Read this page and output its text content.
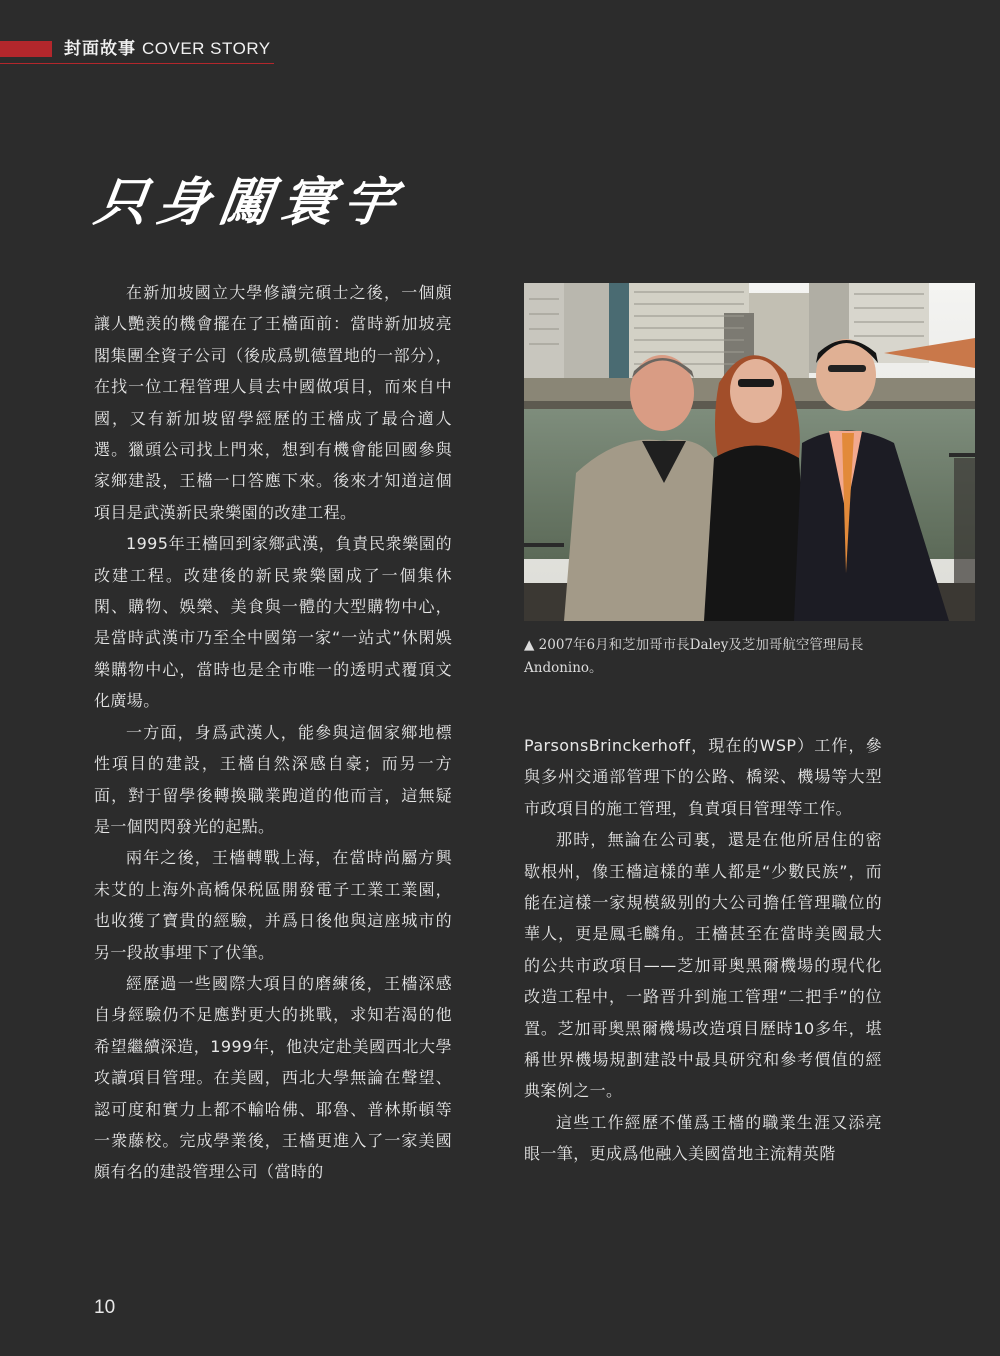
封面故事 COVER STORY
只身闖寰宇

在新加坡國立大學修讀完碩士之後，一個頗讓人艷羡的機會擺在了王檣面前：當時新加坡亮閣集團全資子公司（後成爲凱德置地的一部分），在找一位工程管理人員去中國做項目，而來自中國，又有新加坡留學經歷的王檣成了最合適人選。獵頭公司找上門來，想到有機會能回國參與家鄉建設，王檣一口答應下來。後來才知道這個項目是武漢新民衆樂園的改建工程。

1995年王檣回到家鄉武漢，負責民衆樂園的改建工程。改建後的新民衆樂園成了一個集休閑、購物、娛樂、美食與一體的大型購物中心，是當時武漢市乃至全中國第一家“一站式”休閑娛樂購物中心，當時也是全市唯一的透明式覆頂文化廣場。

一方面，身爲武漢人，能參與這個家鄉地標性項目的建設，王檣自然深感自豪；而另一方面，對于留學後轉換職業跑道的他而言，這無疑是一個閃閃發光的起點。

兩年之後，王檣轉戰上海，在當時尚屬方興未艾的上海外高橋保税區開發電子工業工業園，也收獲了寶貴的經驗，并爲日後他與這座城市的另一段故事埋下了伏筆。

經歷過一些國際大項目的磨練後，王檣深感自身經驗仍不足應對更大的挑戰，求知若渴的他希望繼續深造，1999年，他决定赴美國西北大學攻讀項目管理。在美國，西北大學無論在聲望、認可度和實力上都不輸哈佛、耶魯、普林斯頓等一衆藤校。完成學業後，王檣更進入了一家美國頗有名的建設管理公司（當時的

▲ 2007年6月和芝加哥市長Daley及芝加哥航空管理局長Andonino。

ParsonsBrinckerhoff，現在的WSP）工作，參與多州交通部管理下的公路、橋梁、機場等大型市政項目的施工管理，負責項目管理等工作。

那時，無論在公司裏，還是在他所居住的密歇根州，像王檣這樣的華人都是“少數民族”，而能在這樣一家規模級别的大公司擔任管理職位的華人，更是鳳毛麟角。王檣甚至在當時美國最大的公共市政項目——芝加哥奥黑爾機場的現代化改造工程中，一路晋升到施工管理“二把手”的位置。芝加哥奥黑爾機場改造項目歷時10多年，堪稱世界機場規劃建設中最具研究和參考價值的經典案例之一。

這些工作經歷不僅爲王檣的職業生涯又添亮眼一筆，更成爲他融入美國當地主流精英階

10
